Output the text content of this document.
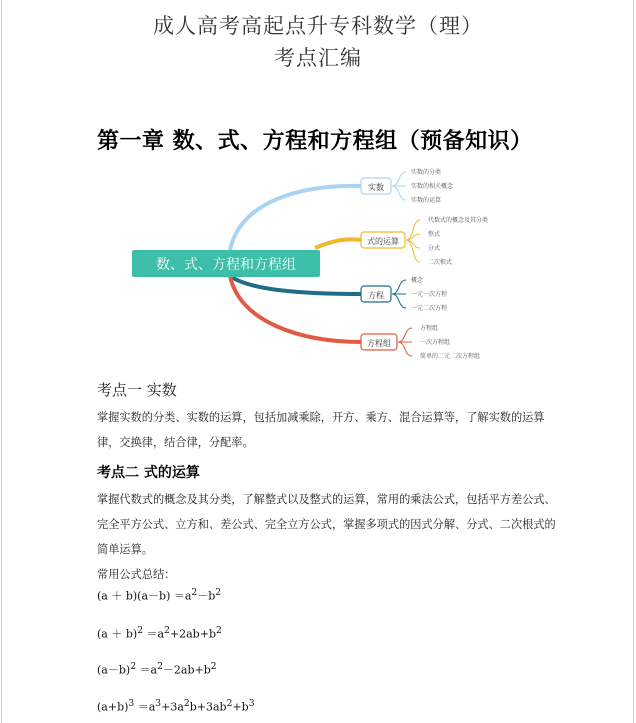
成人高考高起点升专科数学（理）
考点汇编
第一章 数、式、方程和方程组（预备知识）
数、式、方程和方程组
实数
实数的分类
实数的相关概念
实数的运算
式的运算
代数式的概念及其分类
整式
分式
二次根式
方程
概念
一元一次方程
一元二次方程
方程组
方程组
一次方程组
简单的二元二次方程组
考点一 实数
掌握实数的分类、实数的运算，包括加减乘除，开方、乘方、混合运算等，了解实数的运算律，交换律，结合律，分配率。
考点二 式的运算
掌握代数式的概念及其分类，了解整式以及整式的运算，常用的乘法公式，包括平方差公式、完全平方公式、立方和、差公式、完全立方公式，掌握多项式的因式分解、分式、二次根式的简单运算。
常用公式总结：
$(a + b)(a-b) =a^2-b^2$
$(a + b)^2 =a^2+2ab+b^2$
$(a-b)^2 =a^2-2ab+b^2$
$(a+b)^3 =a^3+3a^2b+3ab^2+b^3$
